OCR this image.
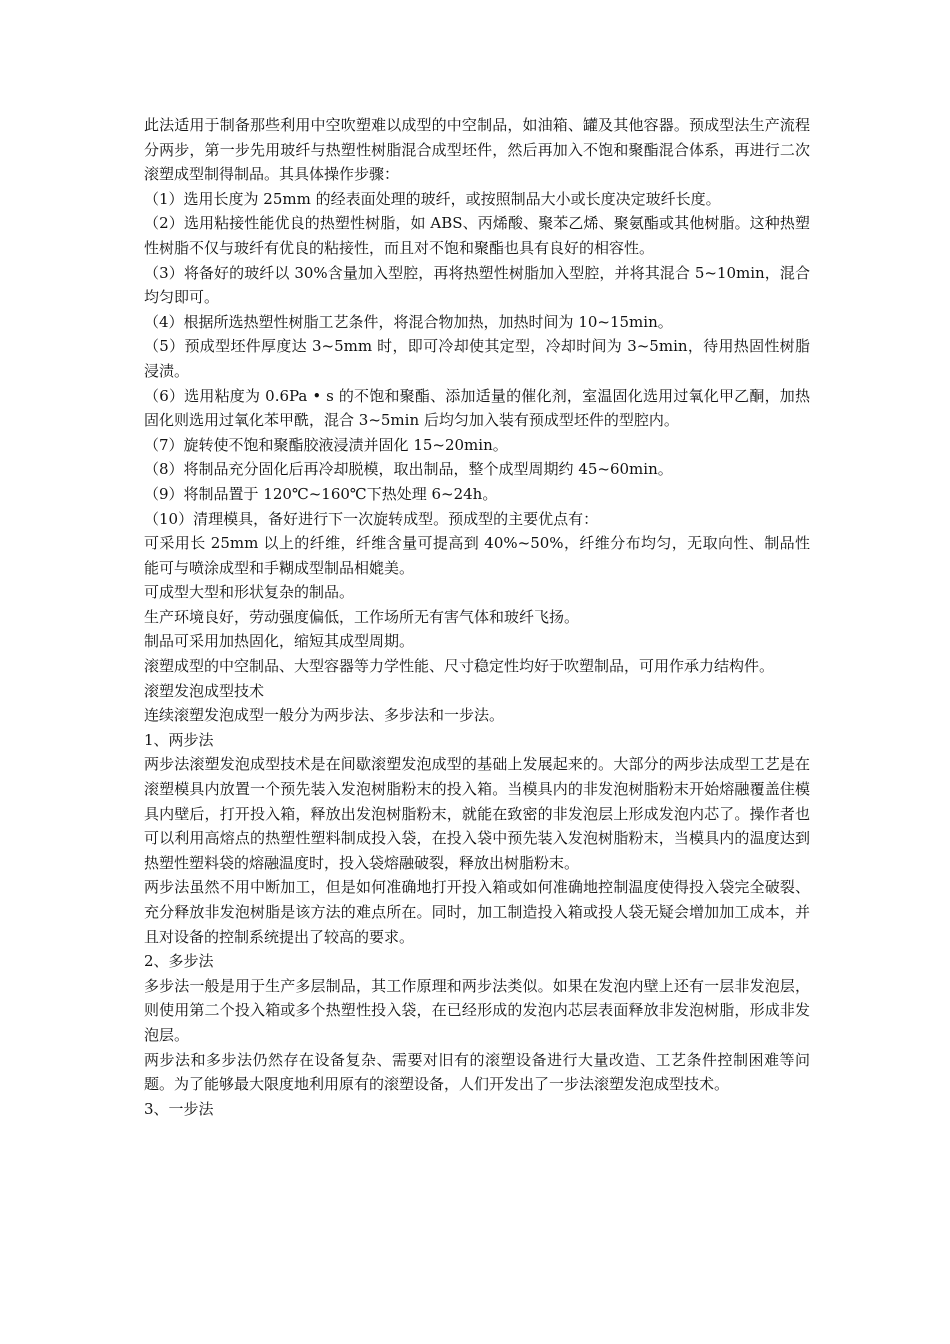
此法适用于制备那些利用中空吹塑难以成型的中空制品，如油箱、罐及其他容器。预成型法生产流程分两步，第一步先用玻纤与热塑性树脂混合成型坯件，然后再加入不饱和聚酯混合体系，再进行二次滚塑成型制得制品。其具体操作步骤：

（1）选用长度为 25mm 的经表面处理的玻纤，或按照制品大小或长度决定玻纤长度。

（2）选用粘接性能优良的热塑性树脂，如 ABS、丙烯酸、聚苯乙烯、聚氨酯或其他树脂。这种热塑性树脂不仅与玻纤有优良的粘接性，而且对不饱和聚酯也具有良好的相容性。

（3）将备好的玻纤以 30%含量加入型腔，再将热塑性树脂加入型腔，并将其混合 5~10min，混合均匀即可。

（4）根据所选热塑性树脂工艺条件，将混合物加热，加热时间为 10~15min。

（5）预成型坯件厚度达 3~5mm 时，即可冷却使其定型，冷却时间为 3~5min，待用热固性树脂浸渍。

（6）选用粘度为 0.6Pa • s 的不饱和聚酯、添加适量的催化剂，室温固化选用过氧化甲乙酮，加热固化则选用过氧化苯甲酰，混合 3~5min 后均匀加入装有预成型坯件的型腔内。

（7）旋转使不饱和聚酯胶液浸渍并固化 15~20min。

（8）将制品充分固化后再冷却脱模，取出制品，整个成型周期约 45~60min。

（9）将制品置于 120℃~160℃下热处理 6~24h。

（10）清理模具，备好进行下一次旋转成型。预成型的主要优点有：

可采用长 25mm 以上的纤维，纤维含量可提高到 40%~50%，纤维分布均匀，无取向性、制品性能可与喷涂成型和手糊成型制品相媲美。

可成型大型和形状复杂的制品。

生产环境良好，劳动强度偏低，工作场所无有害气体和玻纤飞扬。

制品可采用加热固化，缩短其成型周期。

滚塑成型的中空制品、大型容器等力学性能、尺寸稳定性均好于吹塑制品，可用作承力结构件。

滚塑发泡成型技术

连续滚塑发泡成型一般分为两步法、多步法和一步法。

1、两步法

两步法滚塑发泡成型技术是在间歇滚塑发泡成型的基础上发展起来的。大部分的两步法成型工艺是在滚塑模具内放置一个预先装入发泡树脂粉末的投入箱。当模具内的非发泡树脂粉末开始熔融覆盖住模具内壁后，打开投入箱，释放出发泡树脂粉末，就能在致密的非发泡层上形成发泡内芯了。操作者也可以利用高熔点的热塑性塑料制成投入袋，在投入袋中预先装入发泡树脂粉末，当模具内的温度达到热塑性塑料袋的熔融温度时，投入袋熔融破裂，释放出树脂粉末。

两步法虽然不用中断加工，但是如何准确地打开投入箱或如何准确地控制温度使得投入袋完全破裂、充分释放非发泡树脂是该方法的难点所在。同时，加工制造投入箱或投人袋无疑会增加加工成本，并且对设备的控制系统提出了较高的要求。

2、多步法

多步法一般是用于生产多层制品，其工作原理和两步法类似。如果在发泡内壁上还有一层非发泡层，则使用第二个投入箱或多个热塑性投入袋，在已经形成的发泡内芯层表面释放非发泡树脂，形成非发泡层。

两步法和多步法仍然存在设备复杂、需要对旧有的滚塑设备进行大量改造、工艺条件控制困难等问题。为了能够最大限度地利用原有的滚塑设备，人们开发出了一步法滚塑发泡成型技术。

3、一步法
